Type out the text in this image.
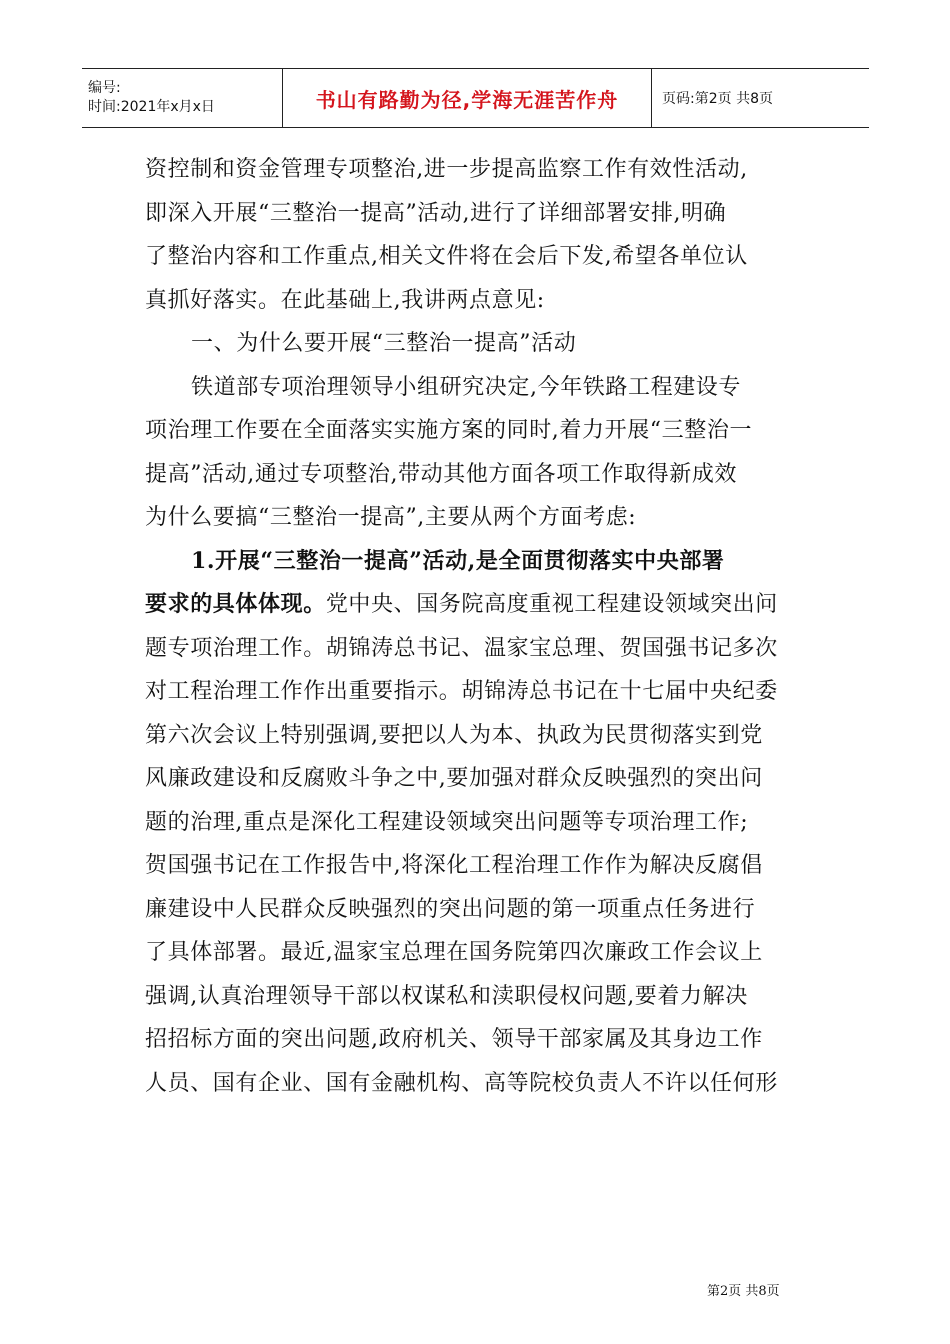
编号:
时间:2021年x月x日	书山有路勤为径,学海无涯苦作舟	页码:第2页 共8页
资控制和资金管理专项整治,进一步提高监察工作有效性活动,
即深入开展“三整治一提高”活动,进行了详细部署安排,明确
了整治内容和工作重点,相关文件将在会后下发,希望各单位认
真抓好落实。在此基础上,我讲两点意见:
一、为什么要开展“三整治一提高”活动
铁道部专项治理领导小组研究决定,今年铁路工程建设专
项治理工作要在全面落实实施方案的同时,着力开展“三整治一
提高”活动,通过专项整治,带动其他方面各项工作取得新成效
为什么要搞“三整治一提高”,主要从两个方面考虑:
1.开展“三整治一提高”活动,是全面贯彻落实中央部署
要求的具体体现。党中央、国务院高度重视工程建设领域突出问
题专项治理工作。胡锦涛总书记、温家宝总理、贺国强书记多次
对工程治理工作作出重要指示。胡锦涛总书记在十七届中央纪委
第六次会议上特别强调,要把以人为本、执政为民贯彻落实到党
风廉政建设和反腐败斗争之中,要加强对群众反映强烈的突出问
题的治理,重点是深化工程建设领域突出问题等专项治理工作;
贺国强书记在工作报告中,将深化工程治理工作作为解决反腐倡
廉建设中人民群众反映强烈的突出问题的第一项重点任务进行
了具体部署。最近,温家宝总理在国务院第四次廉政工作会议上
强调,认真治理领导干部以权谋私和渎职侵权问题,要着力解决
招招标方面的突出问题,政府机关、领导干部家属及其身边工作
人员、国有企业、国有金融机构、高等院校负责人不许以任何形
第2页 共8页
